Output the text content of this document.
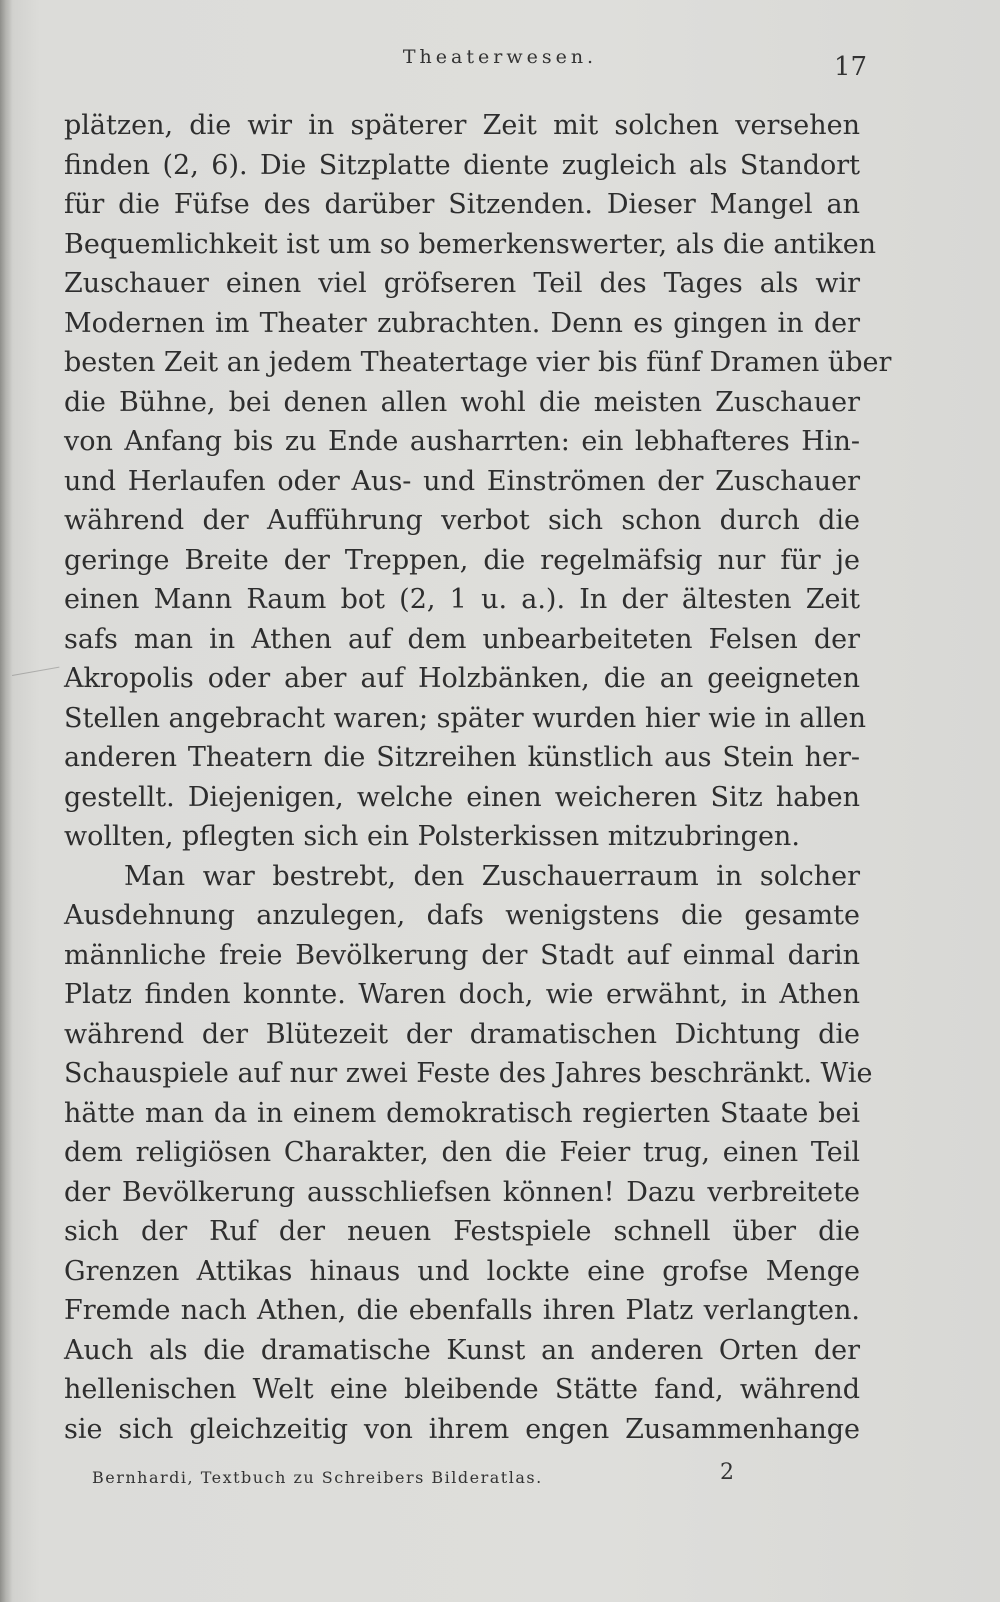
Theaterwesen.	17
plätzen, die wir in späterer Zeit mit solchen versehen
finden (2, 6). Die Sitzplatte diente zugleich als Standort
für die Füfse des darüber Sitzenden. Dieser Mangel an
Bequemlichkeit ist um so bemerkenswerter, als die antiken
Zuschauer einen viel gröfseren Teil des Tages als wir
Modernen im Theater zubrachten. Denn es gingen in der
besten Zeit an jedem Theatertage vier bis fünf Dramen über
die Bühne, bei denen allen wohl die meisten Zuschauer
von Anfang bis zu Ende ausharrten: ein lebhafteres Hin-
und Herlaufen oder Aus- und Einströmen der Zuschauer
während der Aufführung verbot sich schon durch die
geringe Breite der Treppen, die regelmäfsig nur für je
einen Mann Raum bot (2, 1 u. a.). In der ältesten Zeit
safs man in Athen auf dem unbearbeiteten Felsen der
Akropolis oder aber auf Holzbänken, die an geeigneten
Stellen angebracht waren; später wurden hier wie in allen
anderen Theatern die Sitzreihen künstlich aus Stein her-
gestellt. Diejenigen, welche einen weicheren Sitz haben
wollten, pflegten sich ein Polsterkissen mitzubringen.
Man war bestrebt, den Zuschauerraum in solcher
Ausdehnung anzulegen, dafs wenigstens die gesamte
männliche freie Bevölkerung der Stadt auf einmal darin
Platz finden konnte. Waren doch, wie erwähnt, in Athen
während der Blütezeit der dramatischen Dichtung die
Schauspiele auf nur zwei Feste des Jahres beschränkt. Wie
hätte man da in einem demokratisch regierten Staate bei
dem religiösen Charakter, den die Feier trug, einen Teil
der Bevölkerung ausschliefsen können! Dazu verbreitete
sich der Ruf der neuen Festspiele schnell über die
Grenzen Attikas hinaus und lockte eine grofse Menge
Fremde nach Athen, die ebenfalls ihren Platz verlangten.
Auch als die dramatische Kunst an anderen Orten der
hellenischen Welt eine bleibende Stätte fand, während
sie sich gleichzeitig von ihrem engen Zusammenhange
Bernhardi, Textbuch zu Schreibers Bilderatlas.	2
